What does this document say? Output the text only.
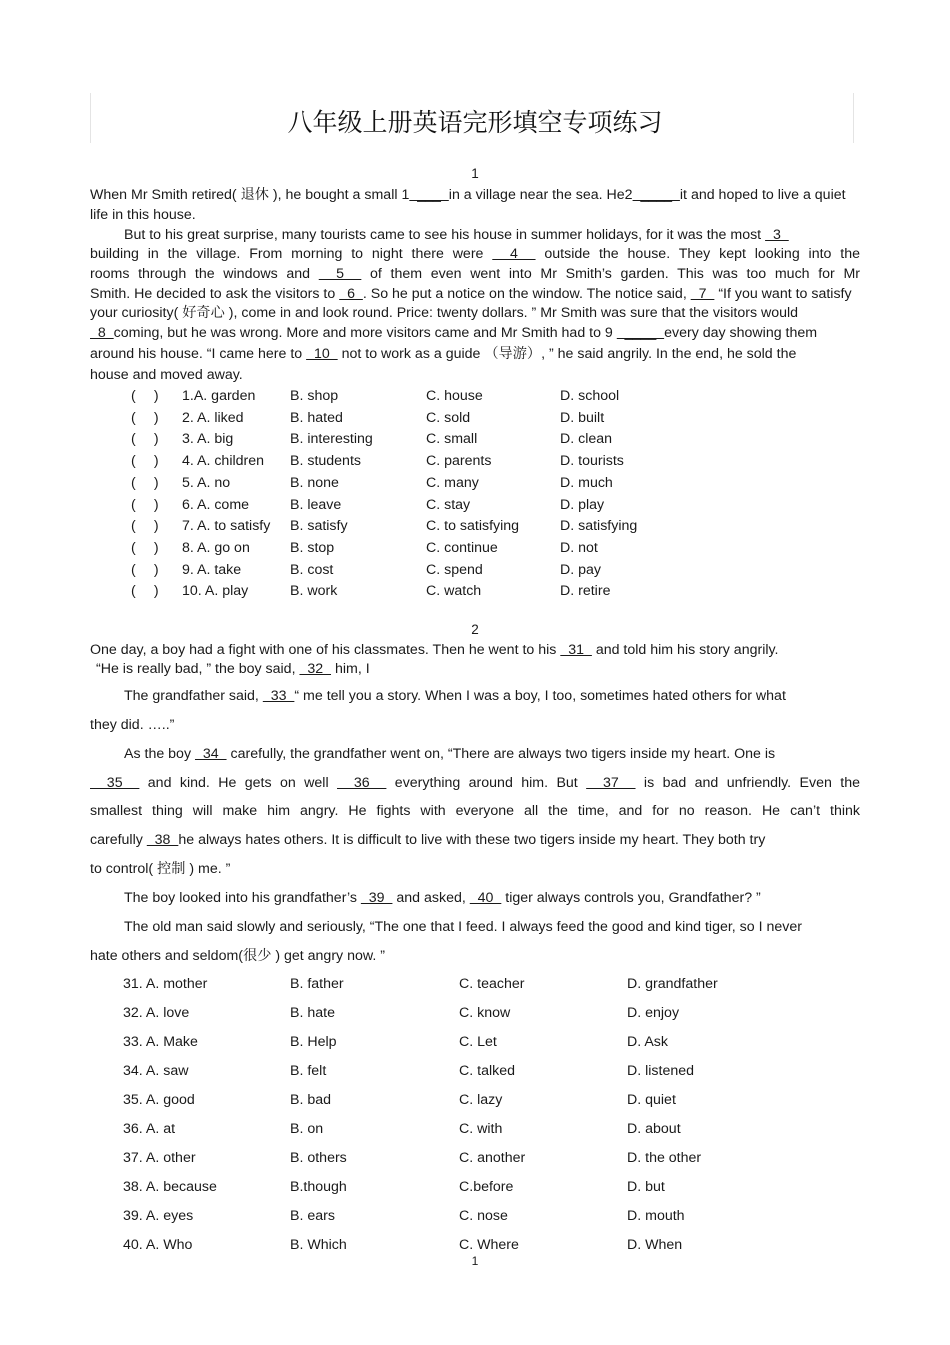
八年级上册英语完形填空专项练习
1
When Mr Smith retired( 退休 ), he bought a small 1  ___  in a village near the sea. He2  ____  it and hoped to live a quiet
life in this house.
But to his great surprise, many tourists came to see his house in summer holidays, for it was the most   3
building in the village. From morning to night there were   4   outside the house. They kept looking into the
rooms through the windows and   5   of them even went into Mr Smith’s garden. This was too much for Mr
Smith. He decided to ask the visitors to   6  . So he put a notice on the window. The notice said,   7   “If you want to satisfy
your curiosity( 好奇心 ), come in and look round. Price: twenty dollars. ” Mr Smith was sure that the visitors would
8  coming, but he was wrong. More and more visitors came and Mr Smith had to 9   ____  every day showing them
around his house. “I came here to   10   not to work as a guide （导游）, ” he said angrily. In the end, he sold the
house and moved away.
(　 ) 1.A. garden B. shop	C. house	D. school
(　 ) 2. A. liked	B. hated	C. sold	D. built
(　 ) 3. A. big	B. interesting	C. small	D. clean
(　 ) 4. A. children B. students	C. parents	D. tourists
(　 ) 5. A. no	B. none	C. many	D. much
(　 ) 6. A. come	B. leave	C. stay	D. play
(　 ) 7. A. to satisfy B. satisfy	C. to satisfying	D. satisfying
(　 ) 8. A. go on	B. stop	C. continue	D. not
(　 ) 9. A. take	B. cost	C. spend	D. pay
(　 ) 10. A. play	B. work	C. watch	D. retire
2
One day, a boy had a fight with one of his classmates. Then he went to his   31   and told him his story angrily.
“He is really bad, ” the boy said,   32   him, I
The grandfather said,   33  “ me tell you a story. When I was a boy, I too, sometimes hated others for what
they did. …..”
As the boy   34   carefully, the grandfather went on, “There are always two tigers inside my heart. One is
35   and kind. He gets on well   36   everything around him. But   37   is bad and unfriendly. Even the
smallest thing will make him angry. He fights with everyone all the time, and for no reason. He can’t think
carefully   38  he always hates others. It is difficult to live with these two tigers inside my heart. They both try
to control( 控制 ) me. ”
The boy looked into his grandfather’s   39   and asked,   40   tiger always controls you, Grandfather? ”
The old man said slowly and seriously, “The one that I feed. I always feed the good and kind tiger, so I never
hate others and seldom(很少 ) get angry now. ”
31. A. mother	B. father	C. teacher	D. grandfather
32. A. love	B. hate	C. know	D. enjoy
33. A. Make	B. Help	C. Let	D. Ask
34. A. saw	B. felt	C. talked	D. listened
35. A. good	B. bad	C. lazy	D. quiet
36. A. at	B. on	C. with	D. about
37. A. other	B. others	C. another	D. the other
38. A. because	B.though	C.before	D. but
39. A. eyes	B. ears	C. nose	D. mouth
40. A. Who	B. Which	C. Where	D. When
1
